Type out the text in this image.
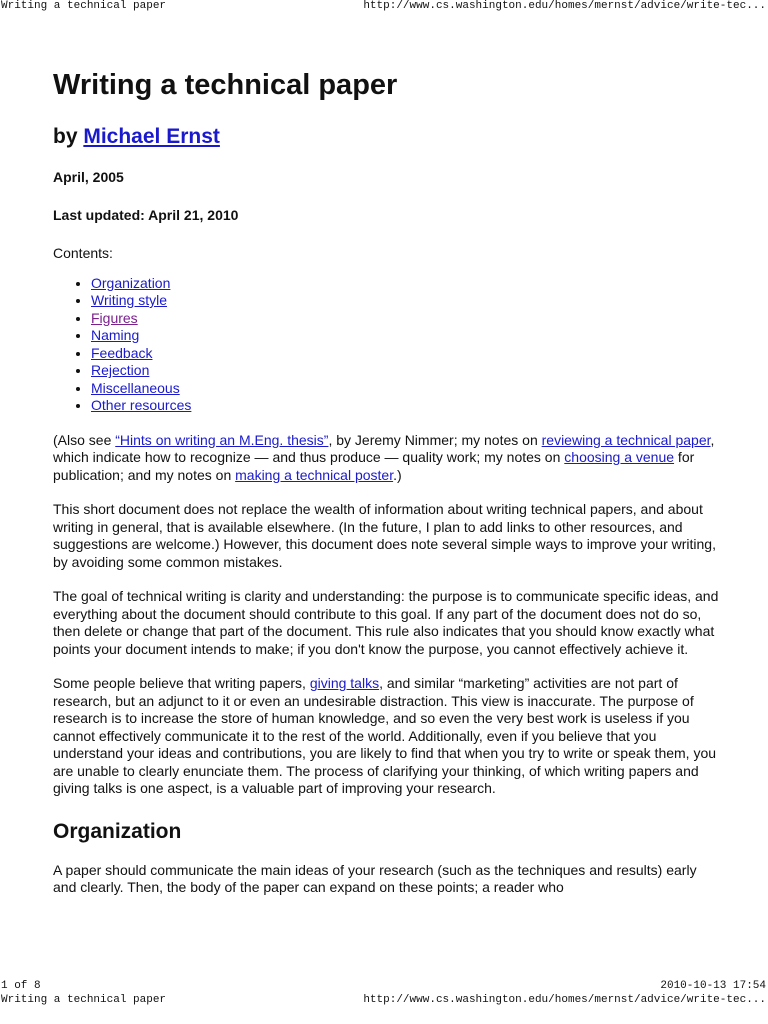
Writing a technical paper	http://www.cs.washington.edu/homes/mernst/advice/write-tec...
Writing a technical paper
by Michael Ernst
April, 2005
Last updated: April 21, 2010

Contents:

• Organization
• Writing style
• Figures
• Naming
• Feedback
• Rejection
• Miscellaneous
• Other resources

(Also see “Hints on writing an M.Eng. thesis”, by Jeremy Nimmer; my notes on reviewing a technical paper, which indicate how to recognize — and thus produce — quality work; my notes on choosing a venue for publication; and my notes on making a technical poster.)

This short document does not replace the wealth of information about writing technical papers, and about writing in general, that is available elsewhere. (In the future, I plan to add links to other resources, and suggestions are welcome.) However, this document does note several simple ways to improve your writing, by avoiding some common mistakes.

The goal of technical writing is clarity and understanding: the purpose is to communicate specific ideas, and everything about the document should contribute to this goal. If any part of the document does not do so, then delete or change that part of the document. This rule also indicates that you should know exactly what points your document intends to make; if you don't know the purpose, you cannot effectively achieve it.

Some people believe that writing papers, giving talks, and similar “marketing” activities are not part of research, but an adjunct to it or even an undesirable distraction. This view is inaccurate. The purpose of research is to increase the store of human knowledge, and so even the very best work is useless if you cannot effectively communicate it to the rest of the world. Additionally, even if you believe that you understand your ideas and contributions, you are likely to find that when you try to write or speak them, you are unable to clearly enunciate them. The process of clarifying your thinking, of which writing papers and giving talks is one aspect, is a valuable part of improving your research.

Organization

A paper should communicate the main ideas of your research (such as the techniques and results) early and clearly. Then, the body of the paper can expand on these points; a reader who

1 of 8	2010-10-13 17:54
Writing a technical paper	http://www.cs.washington.edu/homes/mernst/advice/write-tec...
